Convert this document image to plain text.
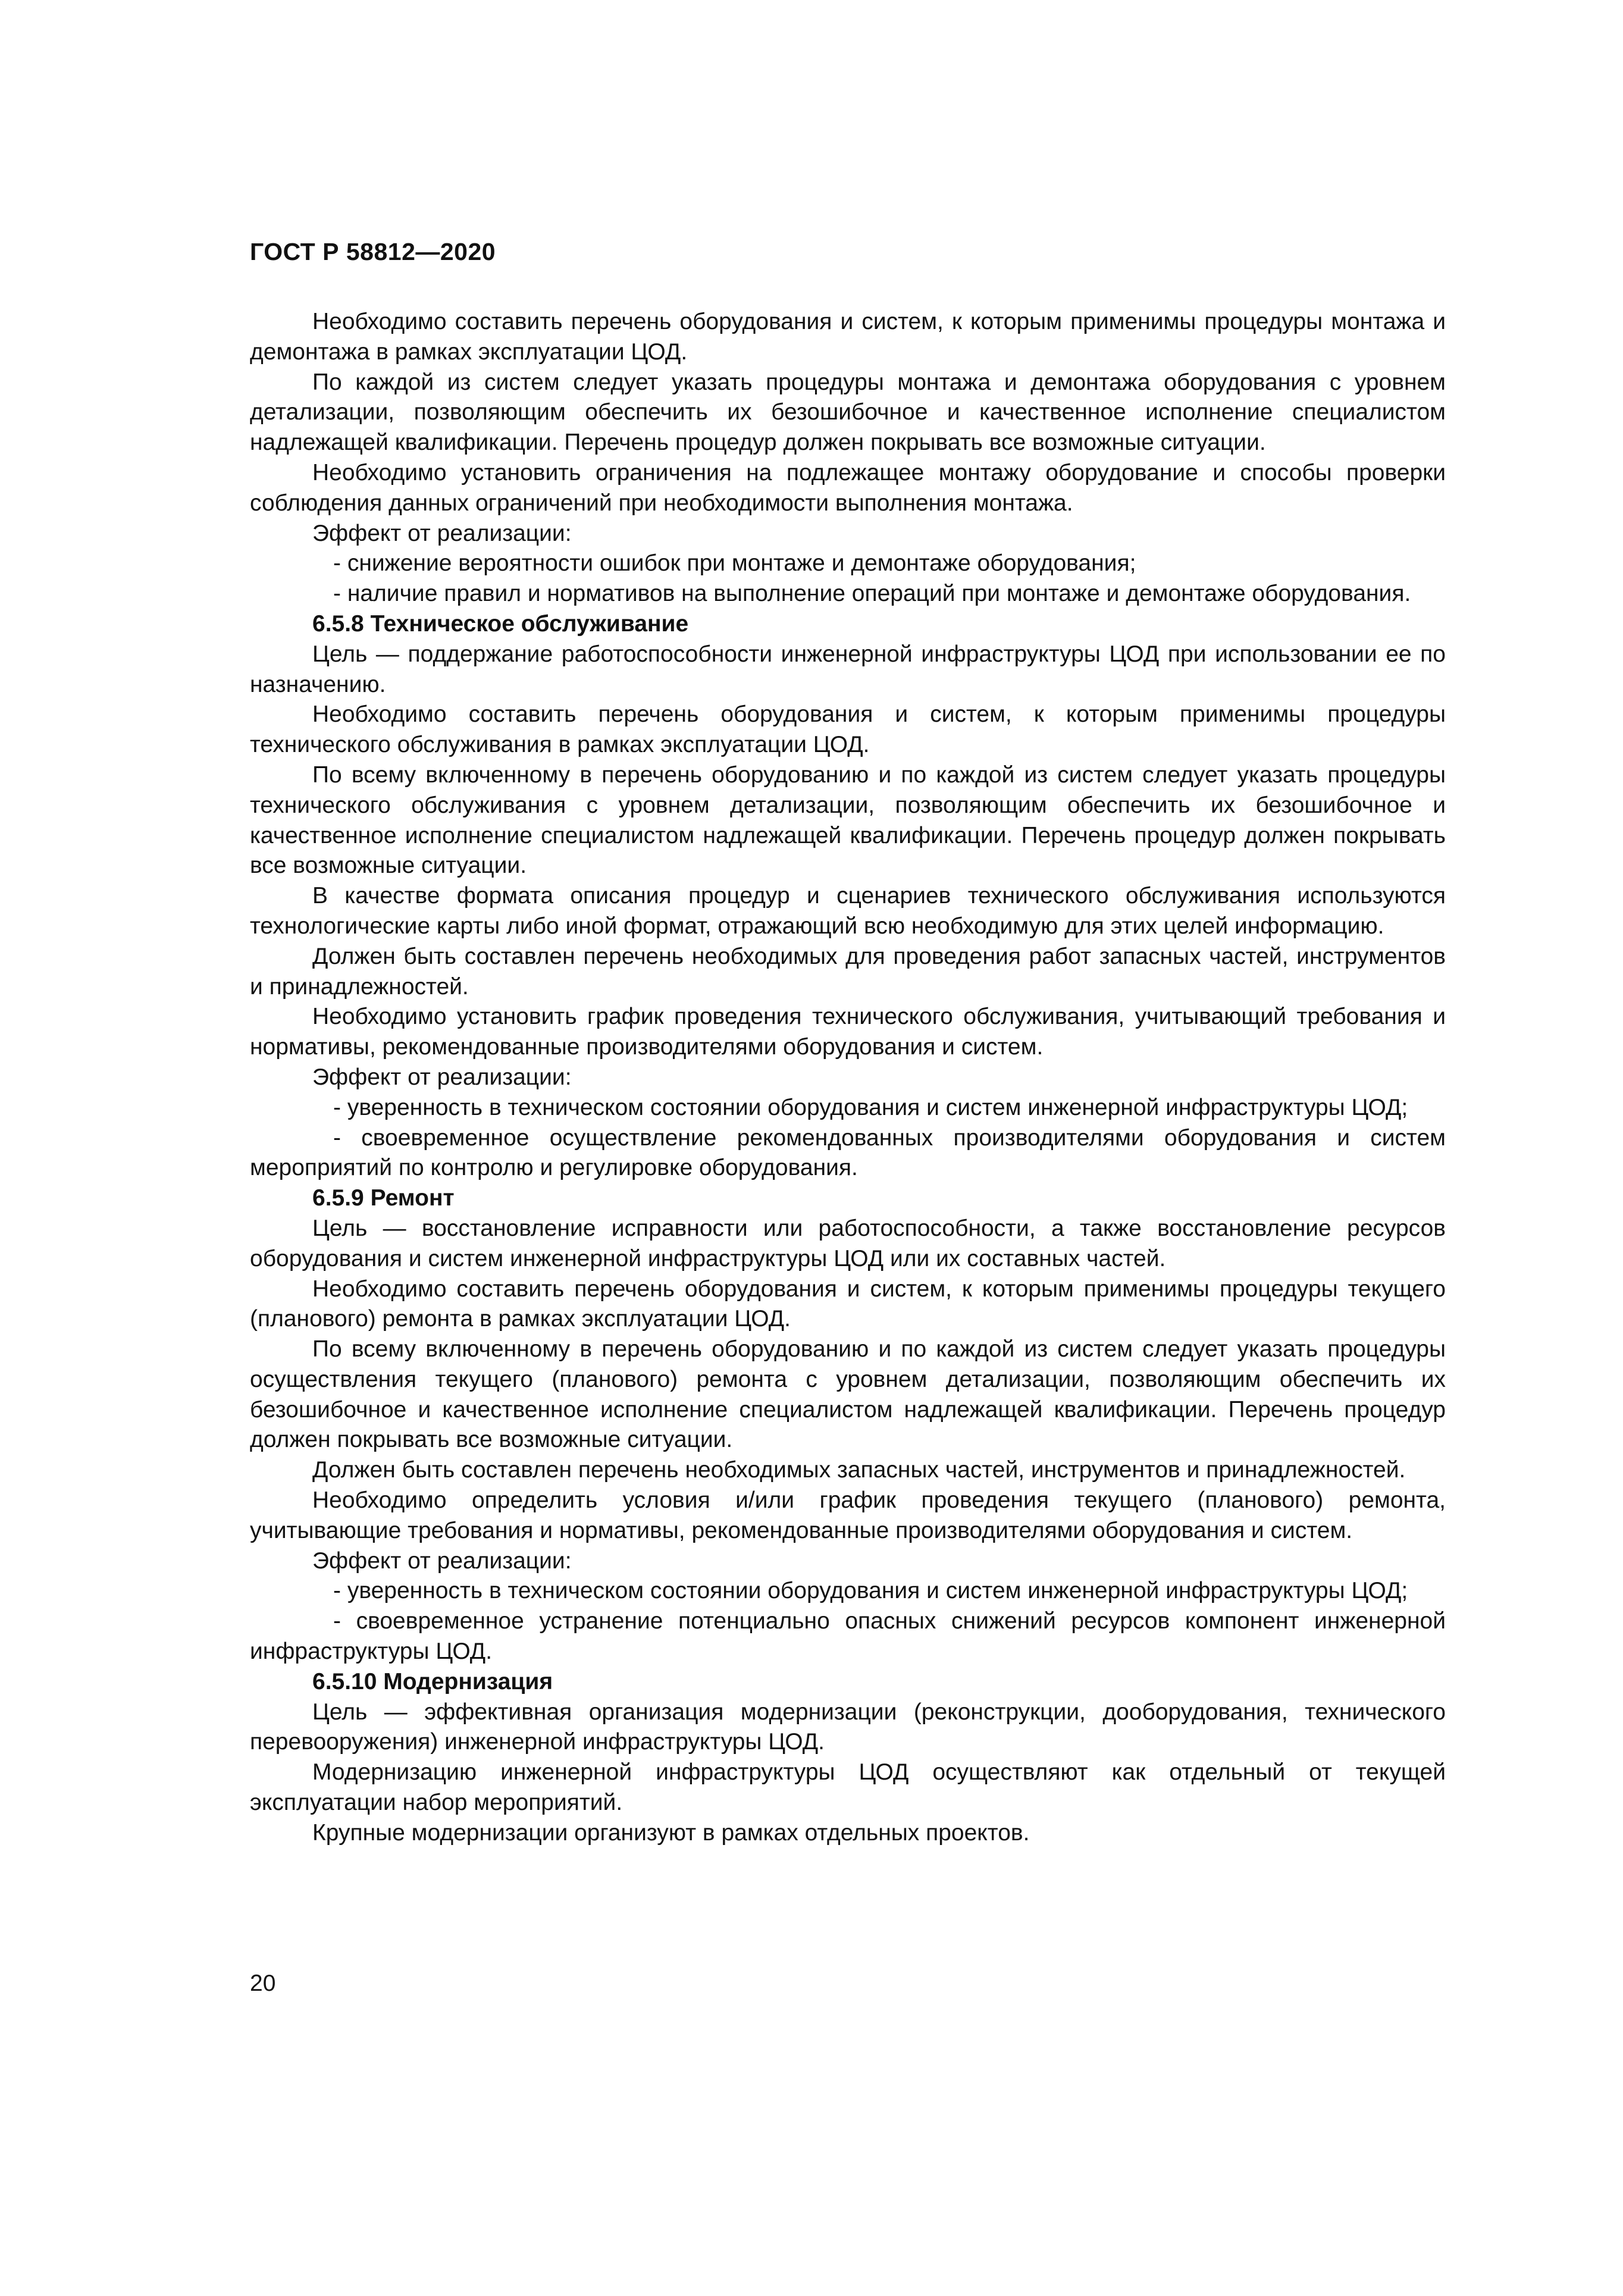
ГОСТ Р 58812—2020

Необходимо составить перечень оборудования и систем, к которым применимы процедуры монтажа и демонтажа в рамках эксплуатации ЦОД.

По каждой из систем следует указать процедуры монтажа и демонтажа оборудования с уровнем детализации, позволяющим обеспечить их безошибочное и качественное исполнение специалистом надлежащей квалификации. Перечень процедур должен покрывать все возможные ситуации.

Необходимо установить ограничения на подлежащее монтажу оборудование и способы проверки соблюдения данных ограничений при необходимости выполнения монтажа.

Эффект от реализации:

- снижение вероятности ошибок при монтаже и демонтаже оборудования;

- наличие правил и нормативов на выполнение операций при монтаже и демонтаже оборудования.

6.5.8 Техническое обслуживание

Цель — поддержание работоспособности инженерной инфраструктуры ЦОД при использовании ее по назначению.

Необходимо составить перечень оборудования и систем, к которым применимы процедуры технического обслуживания в рамках эксплуатации ЦОД.

По всему включенному в перечень оборудованию и по каждой из систем следует указать процедуры технического обслуживания с уровнем детализации, позволяющим обеспечить их безошибочное и качественное исполнение специалистом надлежащей квалификации. Перечень процедур должен покрывать все возможные ситуации.

В качестве формата описания процедур и сценариев технического обслуживания используются технологические карты либо иной формат, отражающий всю необходимую для этих целей информацию.

Должен быть составлен перечень необходимых для проведения работ запасных частей, инструментов и принадлежностей.

Необходимо установить график проведения технического обслуживания, учитывающий требования и нормативы, рекомендованные производителями оборудования и систем.

Эффект от реализации:

- уверенность в техническом состоянии оборудования и систем инженерной инфраструктуры ЦОД;

- своевременное осуществление рекомендованных производителями оборудования и систем мероприятий по контролю и регулировке оборудования.

6.5.9 Ремонт

Цель — восстановление исправности или работоспособности, а также восстановление ресурсов оборудования и систем инженерной инфраструктуры ЦОД или их составных частей.

Необходимо составить перечень оборудования и систем, к которым применимы процедуры текущего (планового) ремонта в рамках эксплуатации ЦОД.

По всему включенному в перечень оборудованию и по каждой из систем следует указать процедуры осуществления текущего (планового) ремонта с уровнем детализации, позволяющим обеспечить их безошибочное и качественное исполнение специалистом надлежащей квалификации. Перечень процедур должен покрывать все возможные ситуации.

Должен быть составлен перечень необходимых запасных частей, инструментов и принадлежностей.

Необходимо определить условия и/или график проведения текущего (планового) ремонта, учитывающие требования и нормативы, рекомендованные производителями оборудования и систем.

Эффект от реализации:

- уверенность в техническом состоянии оборудования и систем инженерной инфраструктуры ЦОД;

- своевременное устранение потенциально опасных снижений ресурсов компонент инженерной инфраструктуры ЦОД.

6.5.10 Модернизация

Цель — эффективная организация модернизации (реконструкции, дооборудования, технического перевооружения) инженерной инфраструктуры ЦОД.

Модернизацию инженерной инфраструктуры ЦОД осуществляют как отдельный от текущей эксплуатации набор мероприятий.

Крупные модернизации организуют в рамках отдельных проектов.

20
